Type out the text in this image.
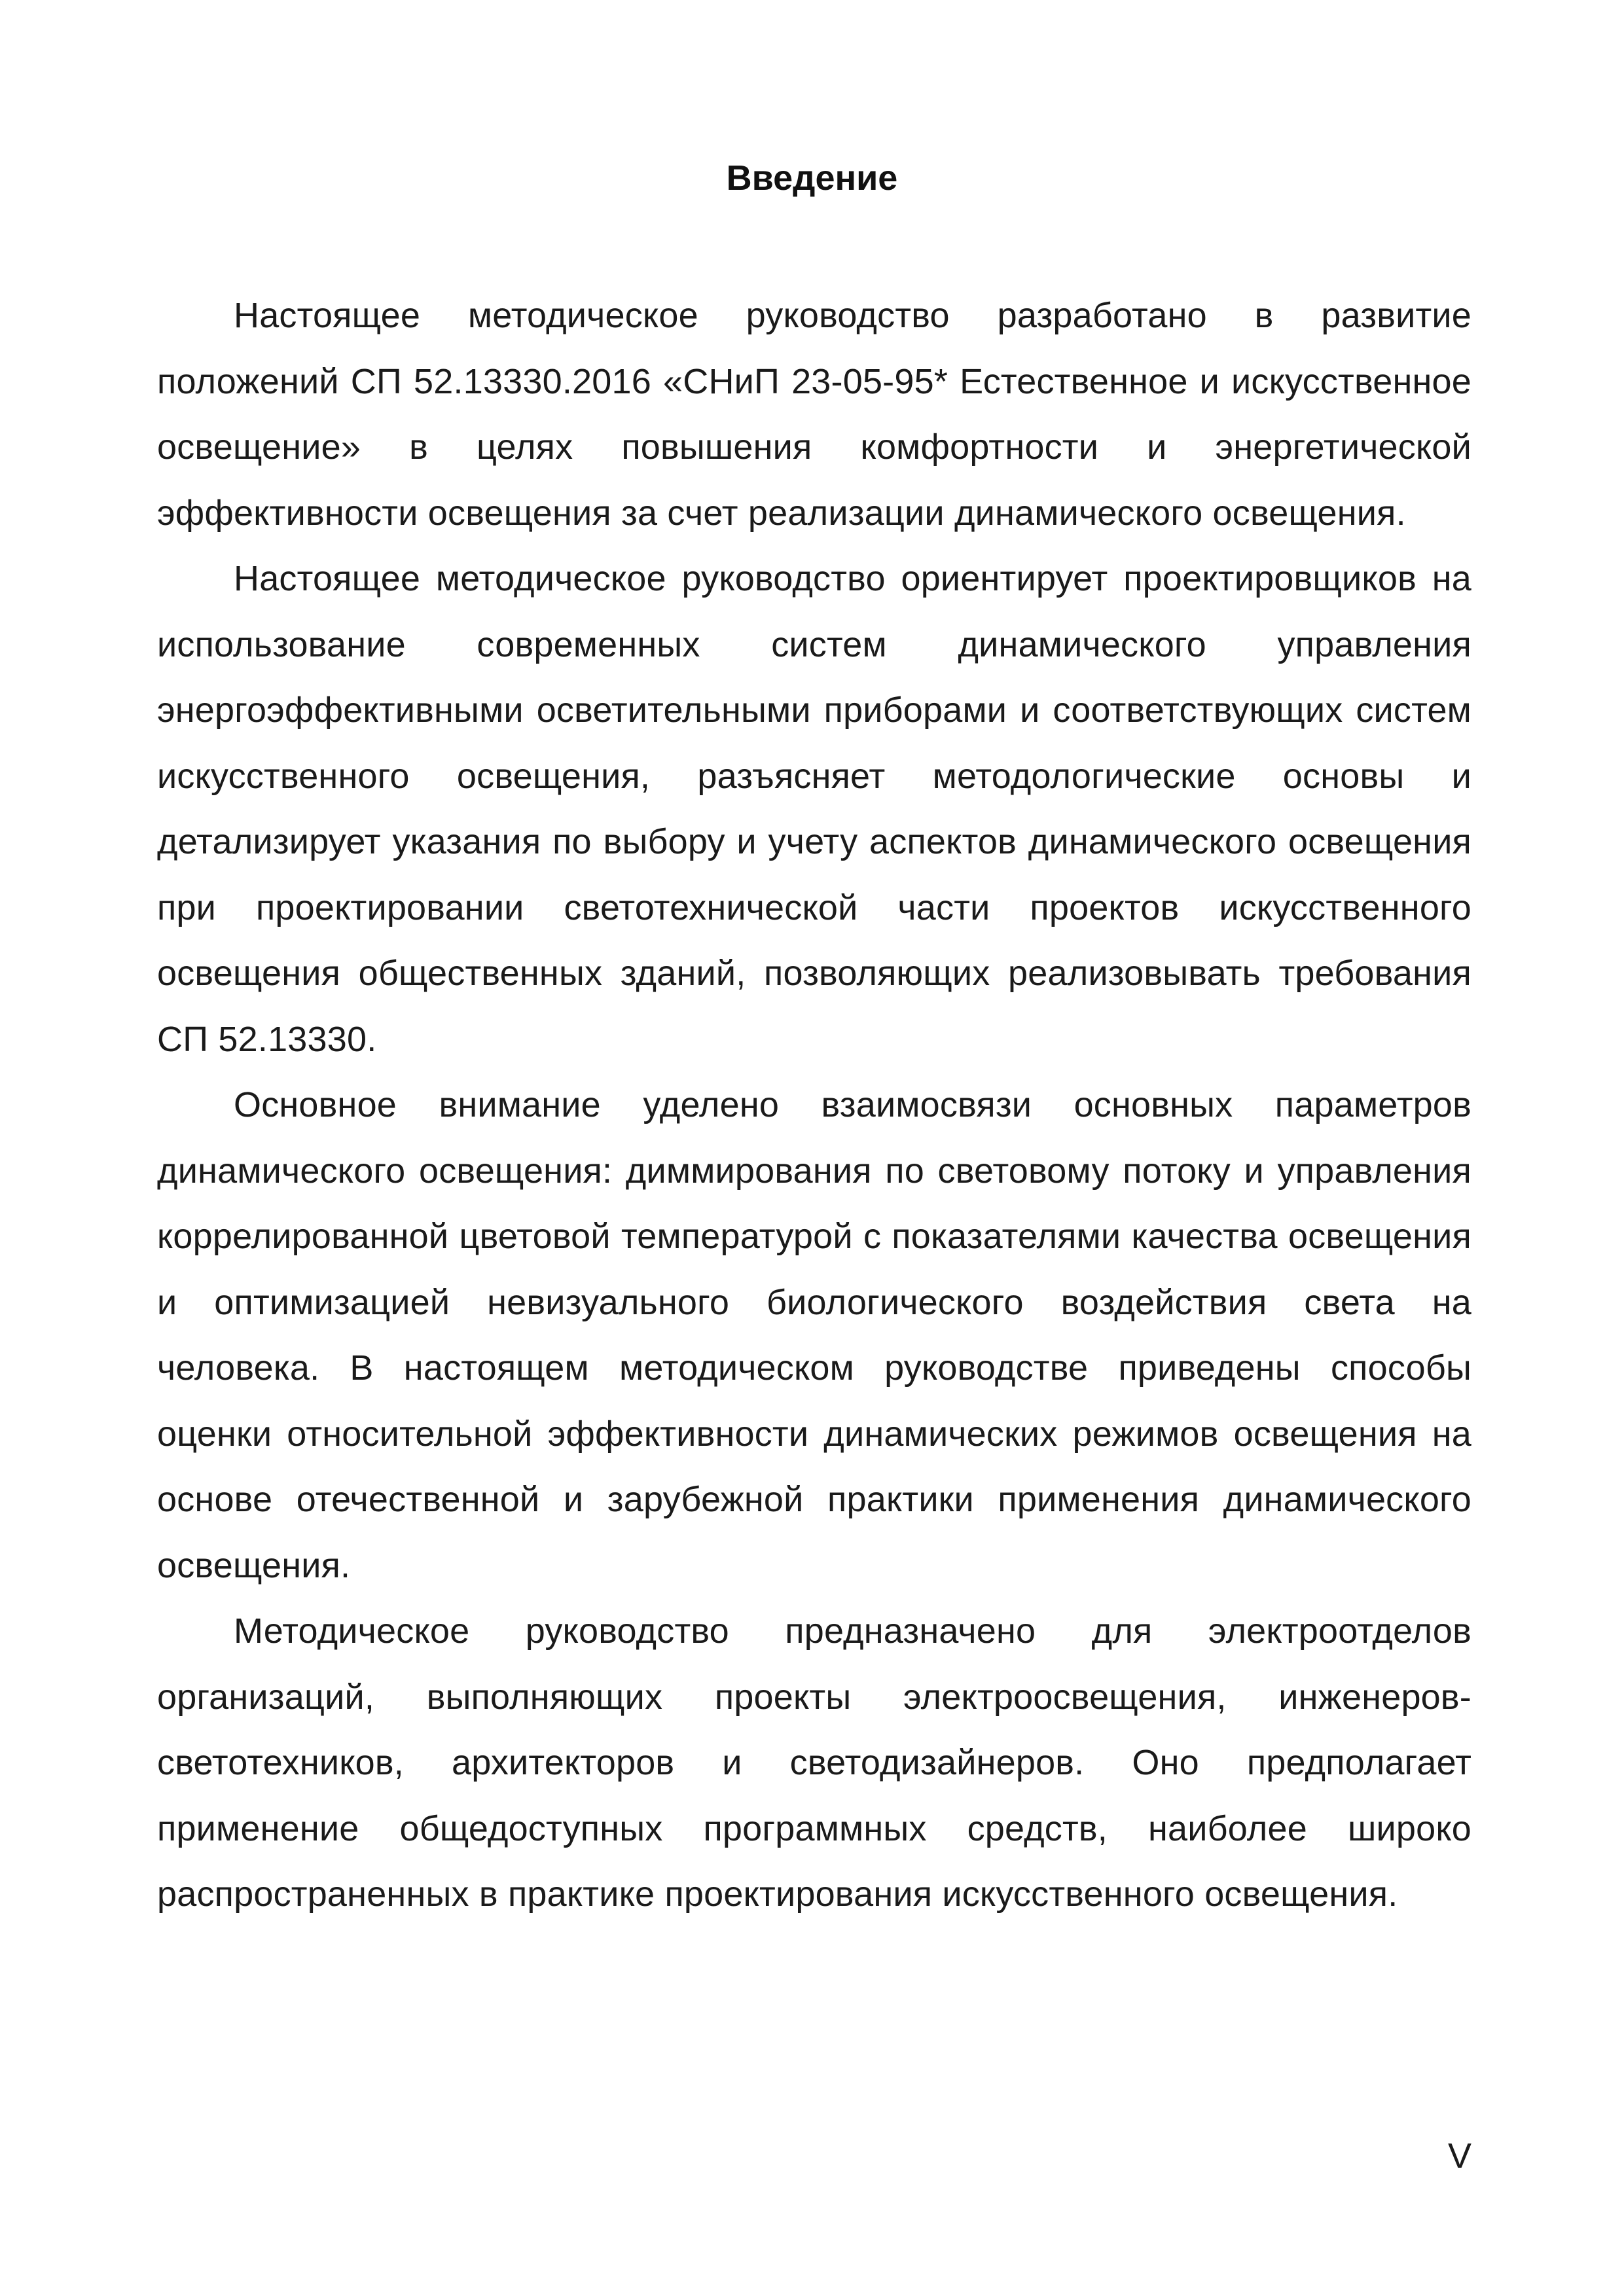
Введение

Настоящее методическое руководство разработано в развитие положений СП 52.13330.2016 «СНиП 23-05-95* Естественное и искусственное освещение» в целях повышения комфортности и энергетической эффективности освещения за счет реализации динамического освещения.

Настоящее методическое руководство ориентирует проектировщиков на использование современных систем динамического управления энергоэффективными осветительными приборами и соответствующих систем искусственного освещения, разъясняет методологические основы и детализирует указания по выбору и учету аспектов динамического освещения при проектировании светотехнической части проектов искусственного освещения общественных зданий, позволяющих реализовывать требования СП 52.13330.

Основное внимание уделено взаимосвязи основных параметров динамического освещения: диммирования по световому потоку и управления коррелированной цветовой температурой с показателями качества освещения и оптимизацией невизуального биологического воздействия света на человека. В настоящем методическом руководстве приведены способы оценки относительной эффективности динамических режимов освещения на основе отечественной и зарубежной практики применения динамического освещения.

Методическое руководство предназначено для электроотделов организаций, выполняющих проекты электроосвещения, инженеров-светотехников, архитекторов и светодизайнеров. Оно предполагает применение общедоступных программных средств, наиболее широко распространенных в практике проектирования искусственного освещения.

V
